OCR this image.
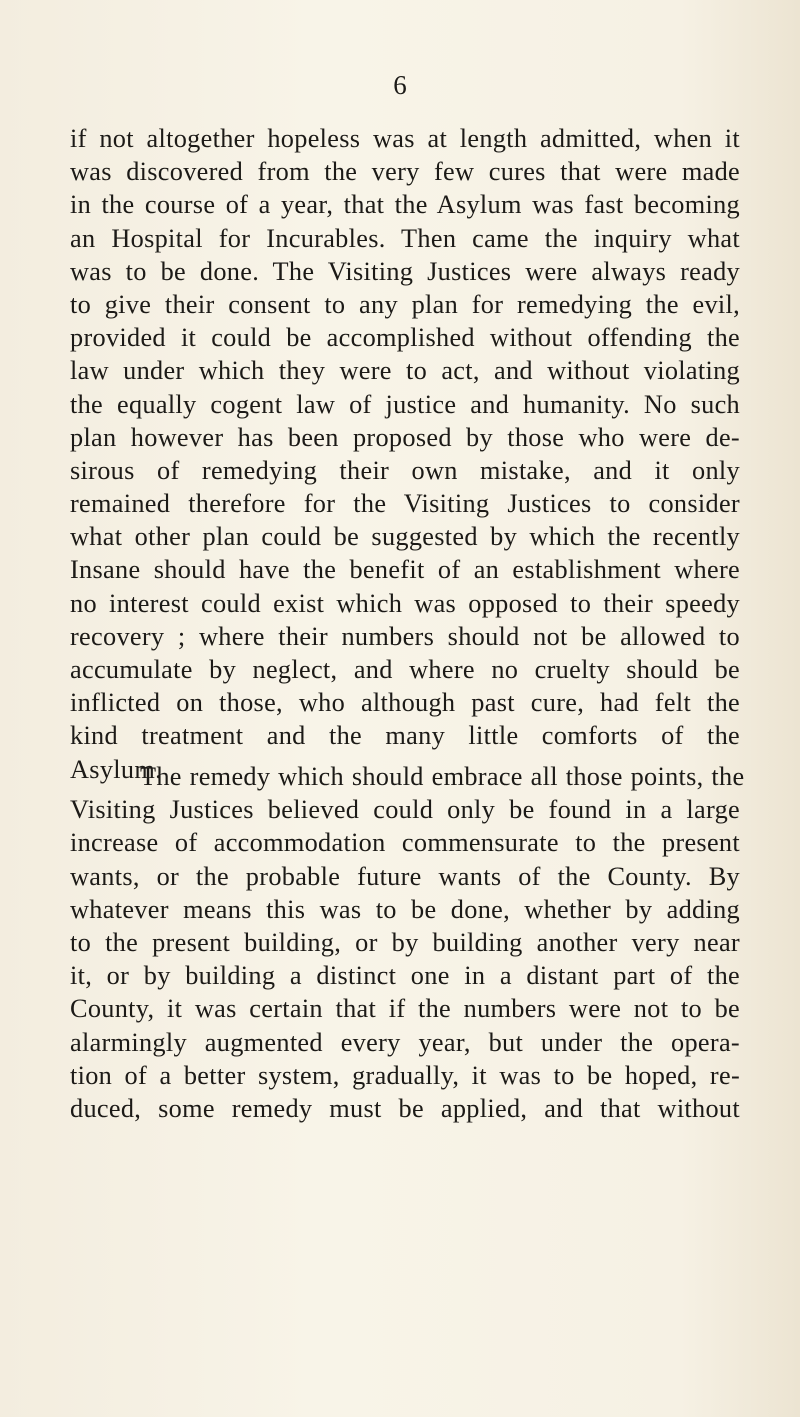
6
if not altogether hopeless was at length admitted, when it
was discovered from the very few cures that were made
in the course of a year, that the Asylum was fast becoming
an Hospital for Incurables. Then came the inquiry what
was to be done. The Visiting Justices were always ready
to give their consent to any plan for remedying the evil,
provided it could be accomplished without offending the
law under which they were to act, and without violating
the equally cogent law of justice and humanity. No such
plan however has been proposed by those who were de-
sirous of remedying their own mistake, and it only
remained therefore for the Visiting Justices to consider
what other plan could be suggested by which the recently
Insane should have the benefit of an establishment where
no interest could exist which was opposed to their speedy
recovery ; where their numbers should not be allowed to
accumulate by neglect, and where no cruelty should be
inflicted on those, who although past cure, had felt the
kind treatment and the many little comforts of the
Asylum.
The remedy which should embrace all those points, the
Visiting Justices believed could only be found in a large
increase of accommodation commensurate to the present
wants, or the probable future wants of the County. By
whatever means this was to be done, whether by adding
to the present building, or by building another very near
it, or by building a distinct one in a distant part of the
County, it was certain that if the numbers were not to be
alarmingly augmented every year, but under the opera-
tion of a better system, gradually, it was to be hoped, re-
duced, some remedy must be applied, and that without
